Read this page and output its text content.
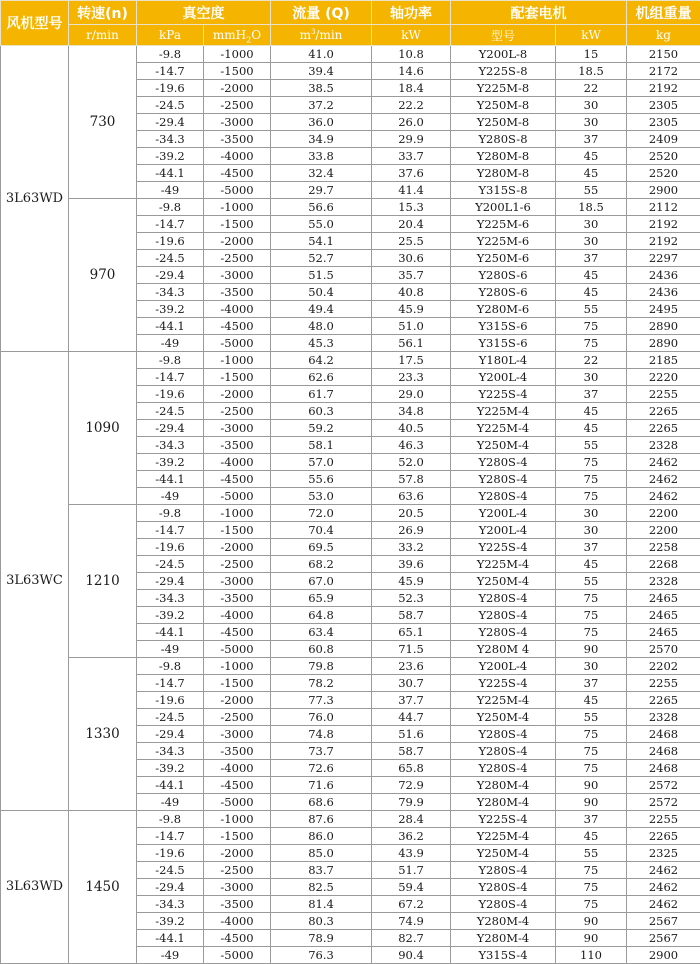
风机型号	转速(n)	真空度		流量 (Q)	轴功率	配套电机		机组重量
	r/min	kPa	mmH$_2$O	$m^3/\min$	kW	型号	kW	kg
3L63WD	730	-9.8	-1000	41.0	10.8	Y200L-8	15	2150
		-14.7	-1500	39.4	14.6	Y225S-8	18.5	2172
		-19.6	-2000	38.5	18.4	Y225M-8	22	2192
		-24.5	-2500	37.2	22.2	Y250M-8	30	2305
		-29.4	-3000	36.0	26.0	Y250M-8	30	2305
		-34.3	-3500	34.9	29.9	Y280S-8	37	2409
		-39.2	-4000	33.8	33.7	Y280M-8	45	2520
		-44.1	-4500	32.4	37.6	Y280M-8	45	2520
		-49	-5000	29.7	41.4	Y315S-8	55	2900
	970	-9.8	-1000	56.6	15.3	Y200L1-6	18.5	2112
		-14.7	-1500	55.0	20.4	Y225M-6	30	2192
		-19.6	-2000	54.1	25.5	Y225M-6	30	2192
		-24.5	-2500	52.7	30.6	Y250M-6	37	2297
		-29.4	-3000	51.5	35.7	Y280S-6	45	2436
		-34.3	-3500	50.4	40.8	Y280S-6	45	2436
		-39.2	-4000	49.4	45.9	Y280M-6	55	2495
		-44.1	-4500	48.0	51.0	Y315S-6	75	2890
		-49	-5000	45.3	56.1	Y315S-6	75	2890
3L63WC	1090	-9.8	-1000	64.2	17.5	Y180L-4	22	2185
		-14.7	-1500	62.6	23.3	Y200L-4	30	2220
		-19.6	-2000	61.7	29.0	Y225S-4	37	2255
		-24.5	-2500	60.3	34.8	Y225M-4	45	2265
		-29.4	-3000	59.2	40.5	Y225M-4	45	2265
		-34.3	-3500	58.1	46.3	Y250M-4	55	2328
		-39.2	-4000	57.0	52.0	Y280S-4	75	2462
		-44.1	-4500	55.6	57.8	Y280S-4	75	2462
		-49	-5000	53.0	63.6	Y280S-4	75	2462
	1210	-9.8	-1000	72.0	20.5	Y200L-4	30	2200
		-14.7	-1500	70.4	26.9	Y200L-4	30	2200
		-19.6	-2000	69.5	33.2	Y225S-4	37	2258
		-24.5	-2500	68.2	39.6	Y225M-4	45	2268
		-29.4	-3000	67.0	45.9	Y250M-4	55	2328
		-34.3	-3500	65.9	52.3	Y280S-4	75	2465
		-39.2	-4000	64.8	58.7	Y280S-4	75	2465
		-44.1	-4500	63.4	65.1	Y280S-4	75	2465
		-49	-5000	60.8	71.5	Y280M 4	90	2570
	1330	-9.8	-1000	79.8	23.6	Y200L-4	30	2202
		-14.7	-1500	78.2	30.7	Y225S-4	37	2255
		-19.6	-2000	77.3	37.7	Y225M-4	45	2265
		-24.5	-2500	76.0	44.7	Y250M-4	55	2328
		-29.4	-3000	74.8	51.6	Y280S-4	75	2468
		-34.3	-3500	73.7	58.7	Y280S-4	75	2468
		-39.2	-4000	72.6	65.8	Y280S-4	75	2468
		-44.1	-4500	71.6	72.9	Y280M-4	90	2572
		-49	-5000	68.6	79.9	Y280M-4	90	2572
3L63WD	1450	-9.8	-1000	87.6	28.4	Y225S-4	37	2255
		-14.7	-1500	86.0	36.2	Y225M-4	45	2265
		-19.6	-2000	85.0	43.9	Y250M-4	55	2325
		-24.5	-2500	83.7	51.7	Y280S-4	75	2462
		-29.4	-3000	82.5	59.4	Y280S-4	75	2462
		-34.3	-3500	81.4	67.2	Y280S-4	75	2462
		-39.2	-4000	80.3	74.9	Y280M-4	90	2567
		-44.1	-4500	78.9	82.7	Y280M-4	90	2567
		-49	-5000	76.3	90.4	Y315S-4	110	2900
